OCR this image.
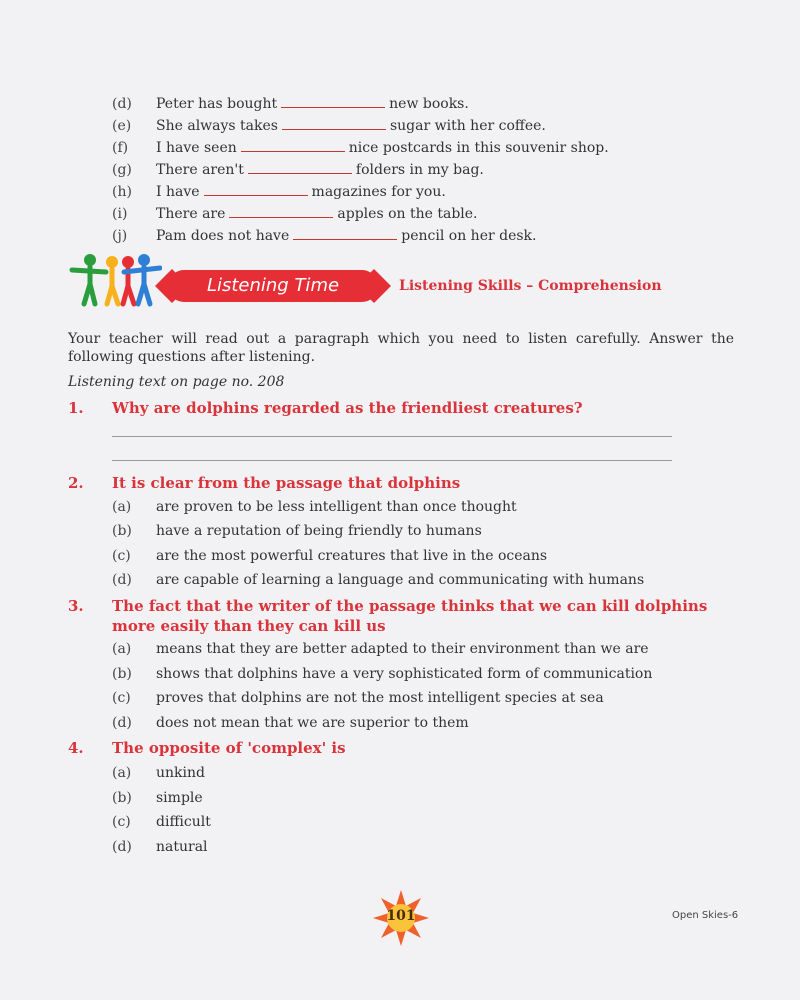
(d) Peter has bought	new books.
(e) She always takes	sugar with her coffee.
(f) I have seen	nice postcards in this souvenir shop.
(g) There aren't	folders in my bag.
(h) I have	magazines for you.
(i) There are	apples on the table.
(j) Pam does not have	pencil on her desk.
Listening Time	Listening Skills – Comprehension
Your teacher will read out a paragraph which you need to listen carefully. Answer the following questions after listening.
Listening text on page no. 208
1. Why are dolphins regarded as the friendliest creatures?
2. It is clear from the passage that dolphins
(a) are proven to be less intelligent than once thought
(b) have a reputation of being friendly to humans
(c) are the most powerful creatures that live in the oceans
(d) are capable of learning a language and communicating with humans
3. The fact that the writer of the passage thinks that we can kill dolphins more easily than they can kill us
(a) means that they are better adapted to their environment than we are
(b) shows that dolphins have a very sophisticated form of communication
(c) proves that dolphins are not the most intelligent species at sea
(d) does not mean that we are superior to them
4. The opposite of 'complex' is
(a) unkind
(b) simple
(c) difficult
(d) natural
101	Open Skies-6
